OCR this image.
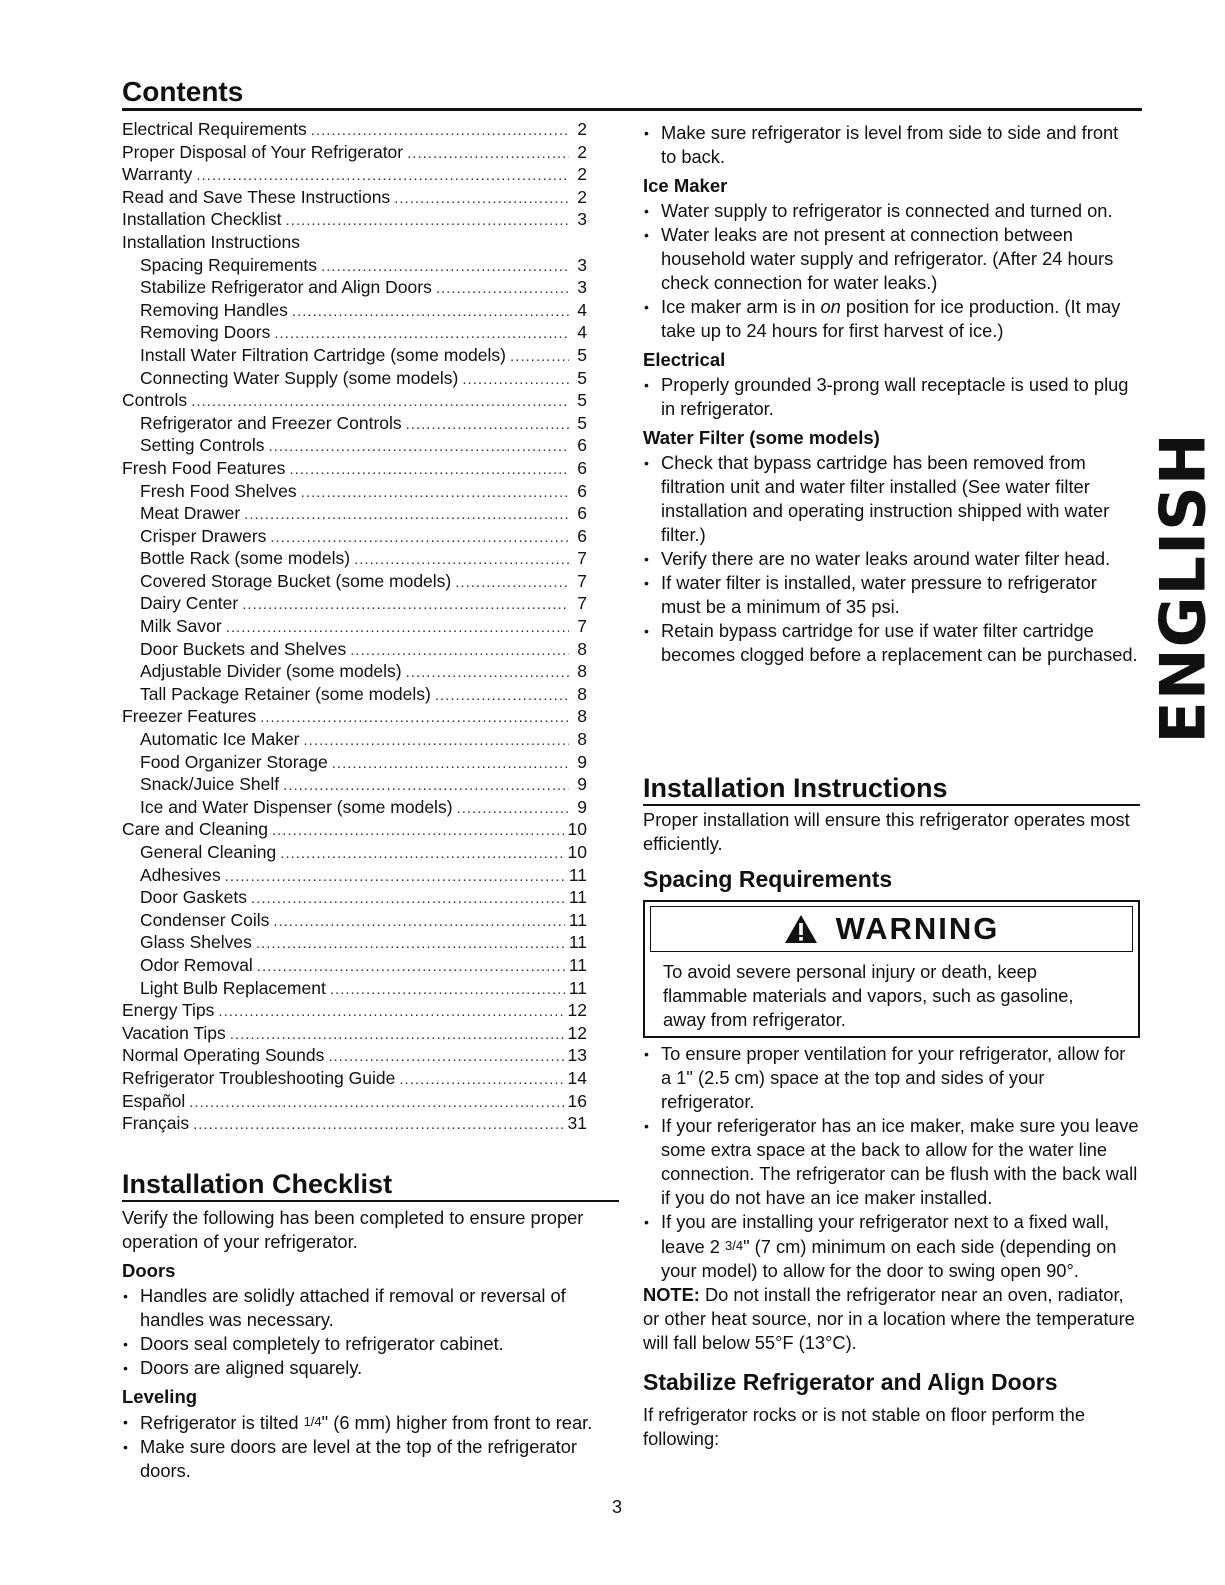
Contents
Electrical Requirements .....	2
Proper Disposal of Your Refrigerator .....	2
Warranty .....	2
Read and Save These Instructions .....	2
Installation Checklist .....	3
Installation Instructions
Spacing Requirements .....	3
Stabilize Refrigerator and Align Doors .....	3
Removing Handles .....	4
Removing Doors .....	4
Install Water Filtration Cartridge (some models) .....	5
Connecting Water Supply (some models) .....	5
Controls .....	5
Refrigerator and Freezer Controls .....	5
Setting Controls .....	6
Fresh Food Features .....	6
Fresh Food Shelves .....	6
Meat Drawer .....	6
Crisper Drawers .....	6
Bottle Rack (some models) .....	7
Covered Storage Bucket (some models) .....	7
Dairy Center .....	7
Milk Savor .....	7
Door Buckets and Shelves .....	8
Adjustable Divider (some models) .....	8
Tall Package Retainer (some models) .....	8
Freezer Features .....	8
Automatic Ice Maker .....	8
Food Organizer Storage .....	9
Snack/Juice Shelf .....	9
Ice and Water Dispenser (some models) .....	9
Care and Cleaning .....	10
General Cleaning .....	10
Adhesives .....	11
Door Gaskets .....	11
Condenser Coils .....	11
Glass Shelves .....	11
Odor Removal .....	11
Light Bulb Replacement .....	11
Energy Tips .....	12
Vacation Tips .....	12
Normal Operating Sounds .....	13
Refrigerator Troubleshooting Guide .....	14
Español .....	16
Français .....	31
Installation Checklist

Verify the following has been completed to ensure proper operation of your refrigerator.

Doors
• Handles are solidly attached if removal or reversal of handles was necessary.
• Doors seal completely to refrigerator cabinet.
• Doors are aligned squarely.
Leveling
• Refrigerator is tilted 1/4" (6 mm) higher from front to rear.
• Make sure doors are level at the top of the refrigerator doors.
• Make sure refrigerator is level from side to side and front to back.
Ice Maker
• Water supply to refrigerator is connected and turned on.
• Water leaks are not present at connection between household water supply and refrigerator. (After 24 hours check connection for water leaks.)
• Ice maker arm is in on position for ice production. (It may take up to 24 hours for first harvest of ice.)
Electrical
• Properly grounded 3-prong wall receptacle is used to plug in refrigerator.
Water Filter (some models)
• Check that bypass cartridge has been removed from filtration unit and water filter installed (See water filter installation and operating instruction shipped with water filter.)
• Verify there are no water leaks around water filter head.
• If water filter is installed, water pressure to refrigerator must be a minimum of 35 psi.
• Retain bypass cartridge for use if water filter cartridge becomes clogged before a replacement can be purchased.
Installation Instructions

Proper installation will ensure this refrigerator operates most efficiently.

Spacing Requirements
WARNING
To avoid severe personal injury or death, keep flammable materials and vapors, such as gasoline, away from refrigerator.
• To ensure proper ventilation for your refrigerator, allow for a 1" (2.5 cm) space at the top and sides of your refrigerator.
• If your referigerator has an ice maker, make sure you leave some extra space at the back to allow for the water line connection. The refrigerator can be flush with the back wall if you do not have an ice maker installed.
• If you are installing your refrigerator next to a fixed wall, leave 2 3/4" (7 cm) minimum on each side (depending on your model) to allow for the door to swing open 90°.

NOTE: Do not install the refrigerator near an oven, radiator, or other heat source, nor in a location where the temperature will fall below 55°F (13°C).

Stabilize Refrigerator and Align Doors

If refrigerator rocks or is not stable on floor perform the following:

ENGLISH
3
